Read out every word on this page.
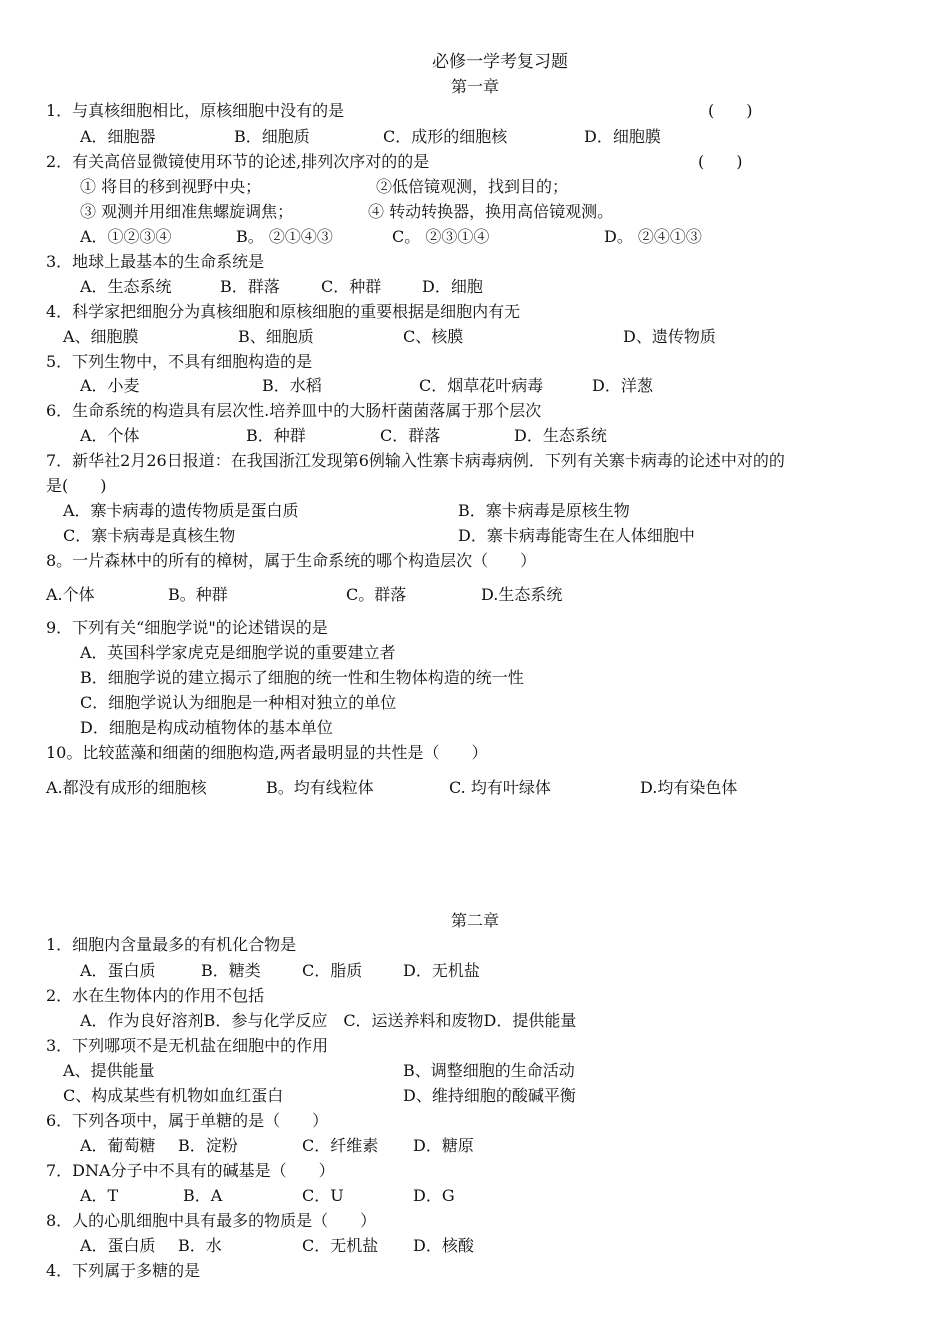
必修一学考复习题
第一章
1．与真核细胞相比，原核细胞中没有的是	(　　)
A．细胞器	B．细胞质	C．成形的细胞核	D．细胞膜
2．有关高倍显微镜使用环节的论述,排列次序对的的是	(　　)
① 将目的移到视野中央；	②低倍镜观测，找到目的；
③ 观测并用细准焦螺旋调焦；	④ 转动转换器，换用高倍镜观测。
A．①②③④	B。 ②①④③	C。 ②③①④	D。 ②④①③
3．地球上最基本的生命系统是
A．生态系统	B．群落	C．种群	D．细胞
4．科学家把细胞分为真核细胞和原核细胞的重要根据是细胞内有无
A、细胞膜	B、细胞质	C、核膜	D、遗传物质
5．下列生物中，不具有细胞构造的是
A．小麦	B．水稻	C．烟草花叶病毒	D．洋葱
6．生命系统的构造具有层次性.培养皿中的大肠杆菌菌落属于那个层次
A．个体	B．种群	C．群落	D．生态系统
7．新华社2月26日报道：在我国浙江发现第6例输入性寨卡病毒病例．下列有关寨卡病毒的论述中对的的
是(　　)
A．寨卡病毒的遗传物质是蛋白质	B．寨卡病毒是原核生物
C．寨卡病毒是真核生物	D．寨卡病毒能寄生在人体细胞中
8。一片森林中的所有的樟树，属于生命系统的哪个构造层次（　　）
A.个体	B。种群	C。群落	D.生态系统
9．下列有关“细胞学说"的论述错误的是
A．英国科学家虎克是细胞学说的重要建立者
B．细胞学说的建立揭示了细胞的统一性和生物体构造的统一性
C．细胞学说认为细胞是一种相对独立的单位
D．细胞是构成动植物体的基本单位
10。比较蓝藻和细菌的细胞构造,两者最明显的共性是（　　）
A.都没有成形的细胞核	B。均有线粒体	C. 均有叶绿体	D.均有染色体
第二章
1．细胞内含量最多的有机化合物是
A．蛋白质	B．糖类	C．脂质	D．无机盐
2．水在生物体内的作用不包括
A．作为良好溶剂B．参与化学反应　C．运送养料和废物D．提供能量
3．下列哪项不是无机盐在细胞中的作用
A、提供能量	B、调整细胞的生命活动
C、构成某些有机物如血红蛋白	D、维持细胞的酸碱平衡
6．下列各项中，属于单糖的是（　　）
A．葡萄糖 B．淀粉	C．纤维素 D．糖原
7．DNA分子中不具有的碱基是（　　）
A．T	B．A	C．U	D．G
8．人的心肌细胞中具有最多的物质是（　　）
A．蛋白质 B．水	C．无机盐 D．核酸
4．下列属于多糖的是
